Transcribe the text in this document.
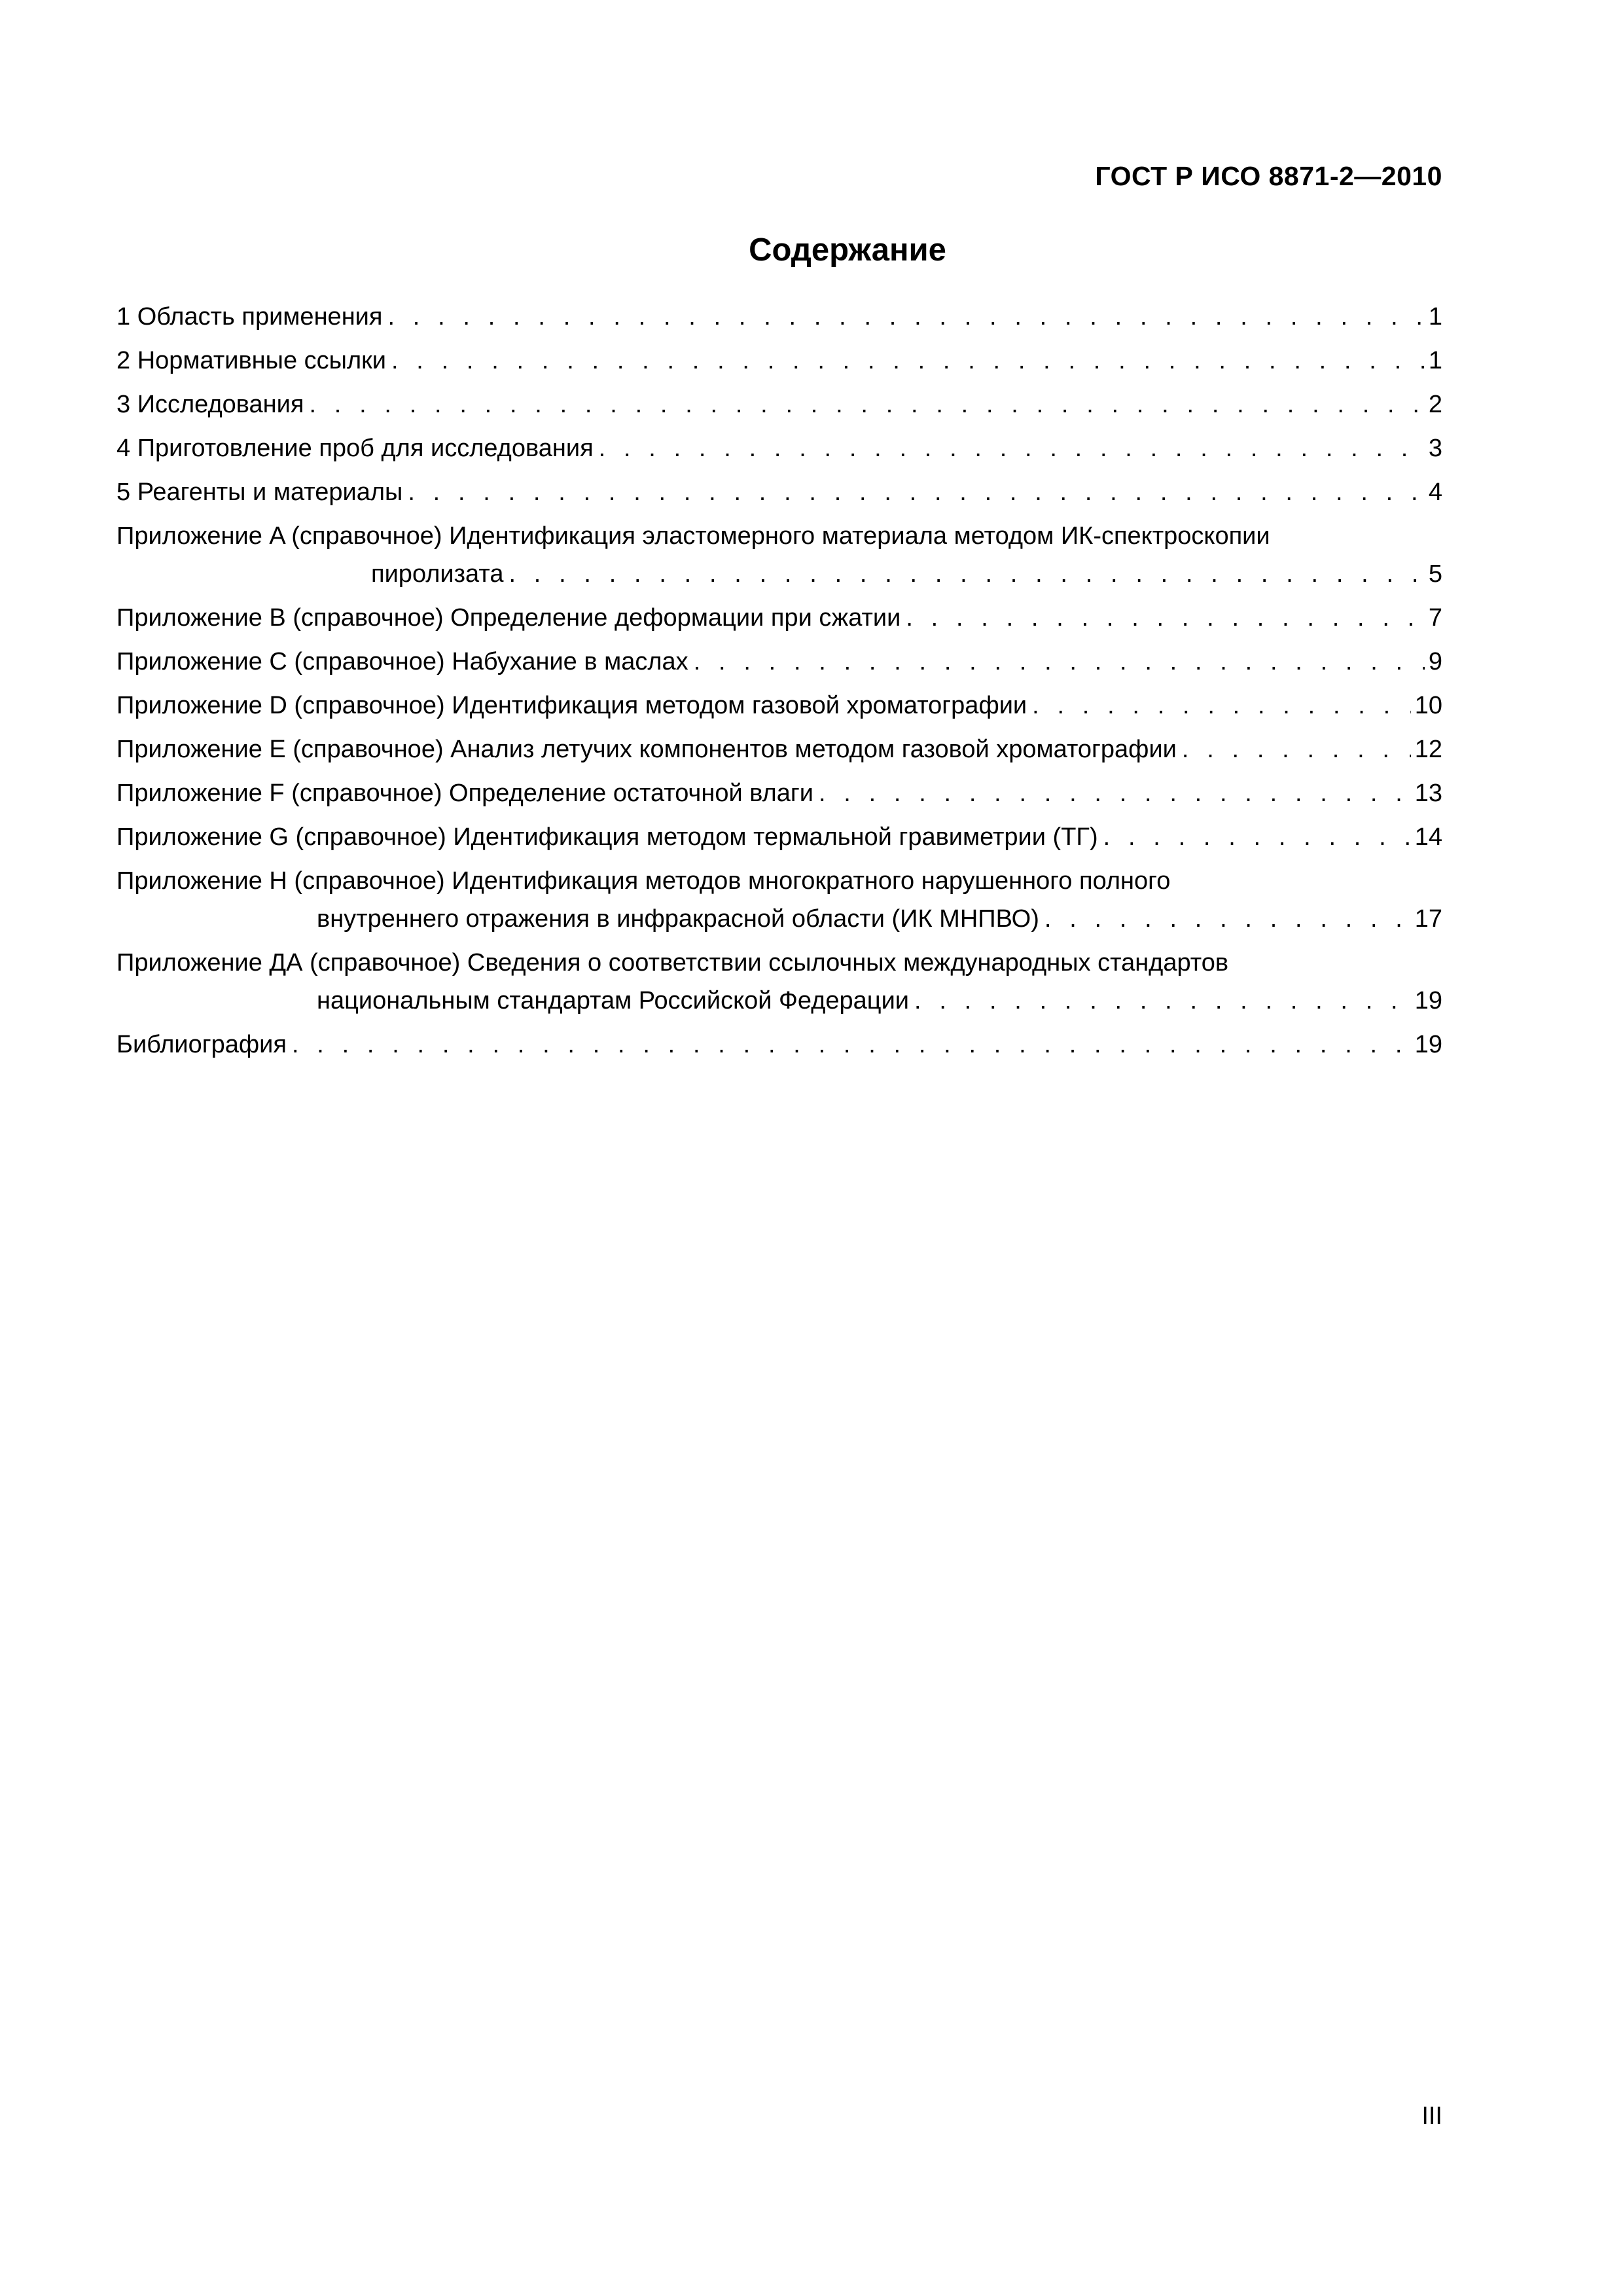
ГОСТ Р ИСО 8871-2—2010
Содержание
1 Область применения . . .	1
2 Нормативные ссылки . . .	1
3 Исследования . . .	2
4 Приготовление проб для исследования . . .	3
5 Реагенты и материалы . . .	4
Приложение A (справочное) Идентификация эластомерного материала методом ИК-спектроскопии
пиролизата . . .	5
Приложение B (справочное) Определение деформации при сжатии . . .	7
Приложение C (справочное) Набухание в маслах . . .	9
Приложение D (справочное) Идентификация методом газовой хроматографии . . .	10
Приложение E (справочное) Анализ летучих компонентов методом газовой хроматографии . . .	12
Приложение F (справочное) Определение остаточной влаги . . .	13
Приложение G (справочное) Идентификация методом термальной гравиметрии (ТГ) . . .	14
Приложение H (справочное) Идентификация методов многократного нарушенного полного
внутреннего отражения в инфракрасной области (ИК МНПВО) . . .	17
Приложение ДА (справочное) Сведения о соответствии ссылочных международных стандартов
национальным стандартам Российской Федерации . . .	19
Библиография . . .	19
III
